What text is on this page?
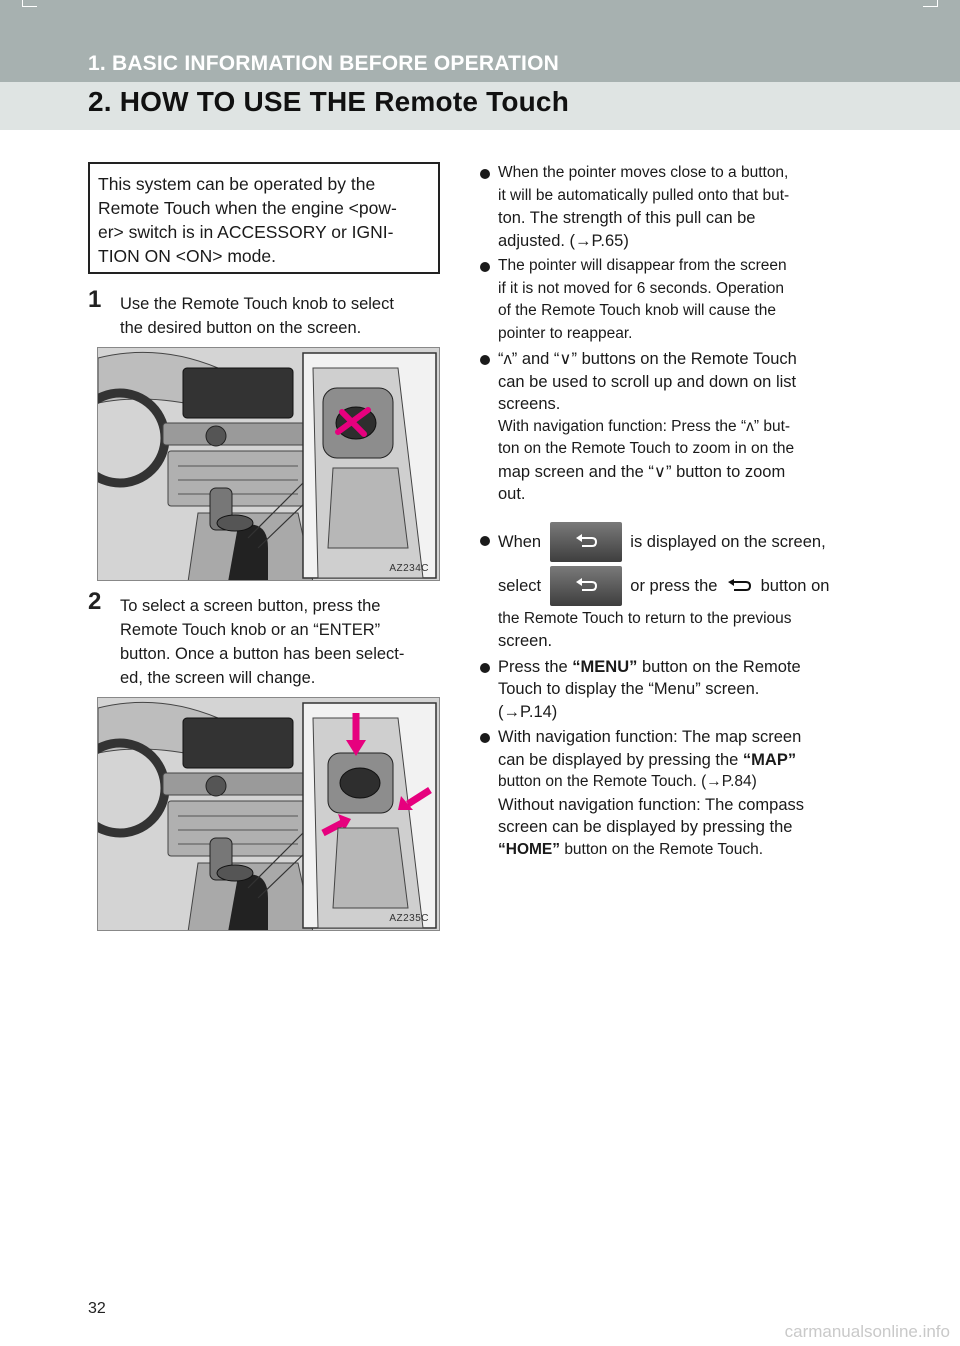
1. BASIC INFORMATION BEFORE OPERATION
2. HOW TO USE THE Remote Touch
This system can be operated by the
Remote Touch when the engine <pow-
er> switch is in ACCESSORY or IGNI-
TION ON <ON> mode.
1 Use the Remote Touch knob to select
the desired button on the screen.
AZ234C
2 To select a screen button, press the
Remote Touch knob or an “ENTER”
button. Once a button has been select-
ed, the screen will change.
AZ235C
When the pointer moves close to a button,
it will be automatically pulled onto that but-
ton. The strength of this pull can be
adjusted. (→P.65)
The pointer will disappear from the screen
if it is not moved for 6 seconds. Operation
of the Remote Touch knob will cause the
pointer to reappear.
“ʌ” and “∨” buttons on the Remote Touch
can be used to scroll up and down on list
screens.
With navigation function: Press the “ʌ” but-
ton on the Remote Touch to zoom in on the
map screen and the “∨” button to zoom
out.
When	is displayed on the screen,
select	or press the	button on
the Remote Touch to return to the previous
screen.
Press the “MENU” button on the Remote
Touch to display the “Menu” screen.
(→P.14)
With navigation function: The map screen
can be displayed by pressing the “MAP”
button on the Remote Touch. (→P.84)
Without navigation function: The compass
screen can be displayed by pressing the
“HOME” button on the Remote Touch.
32
carmanualsonline.info
